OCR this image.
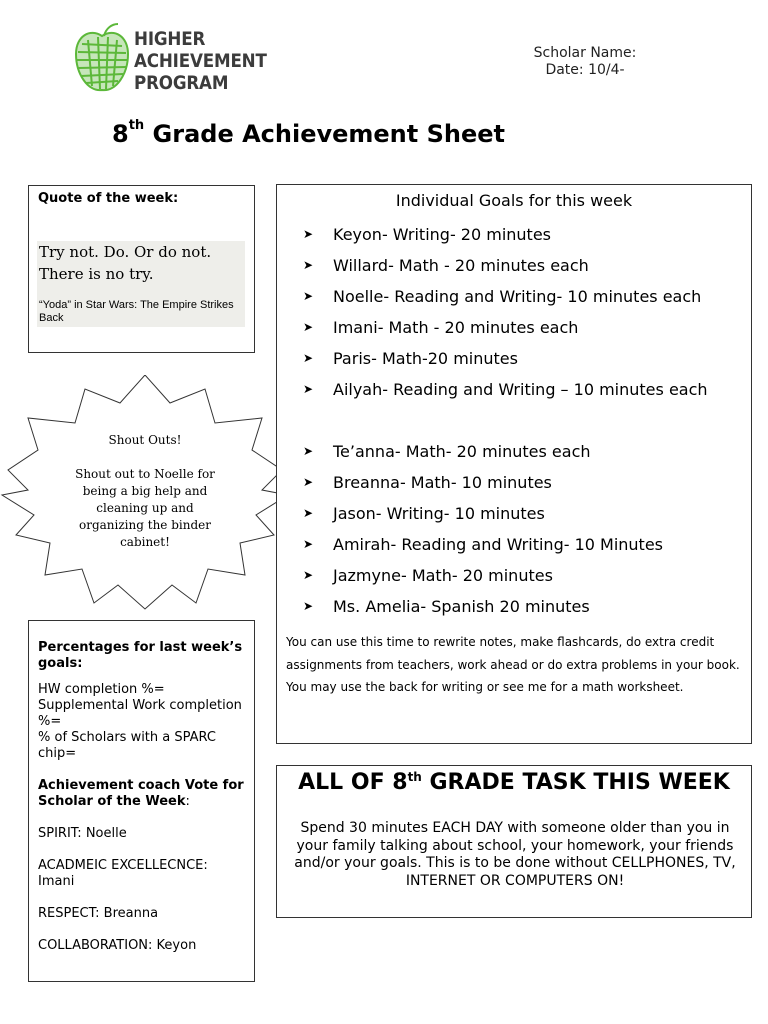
HIGHER
ACHIEVEMENT
PROGRAM
Scholar Name:
Date: 10/4-
8th Grade Achievement Sheet
Quote of the week:
Try not. Do. Or do not. There is no try.
“Yoda” in Star Wars: The Empire Strikes Back

Shout Outs!

Shout out to Noelle for being a big help and cleaning up and organizing the binder cabinet!

Percentages for last week’s goals:

HW completion %=

Supplemental Work completion %=

% of Scholars with a SPARC chip=

Achievement coach Vote for Scholar of the Week:

SPIRIT: Noelle

ACADMEIC EXCELLECNCE: Imani

RESPECT: Breanna

COLLABORATION: Keyon

Individual Goals for this week
➤ Keyon- Writing- 20 minutes
➤ Willard- Math - 20 minutes each
➤ Noelle- Reading and Writing- 10 minutes each
➤ Imani- Math - 20 minutes each
➤ Paris- Math-20 minutes
➤ Ailyah- Reading and Writing – 10 minutes each
➤ Te’anna- Math- 20 minutes each
➤ Breanna- Math- 10 minutes
➤ Jason- Writing- 10 minutes
➤ Amirah- Reading and Writing- 10 Minutes
➤ Jazmyne- Math- 20 minutes
➤ Ms. Amelia- Spanish 20 minutes
You can use this time to rewrite notes, make flashcards, do extra credit assignments from teachers, work ahead or do extra problems in your book. You may use the back for writing or see me for a math worksheet.
ALL OF 8th GRADE TASK THIS WEEK
Spend 30 minutes EACH DAY with someone older than you in your family talking about school, your homework, your friends and/or your goals. This is to be done without CELLPHONES, TV, INTERNET OR COMPUTERS ON!
